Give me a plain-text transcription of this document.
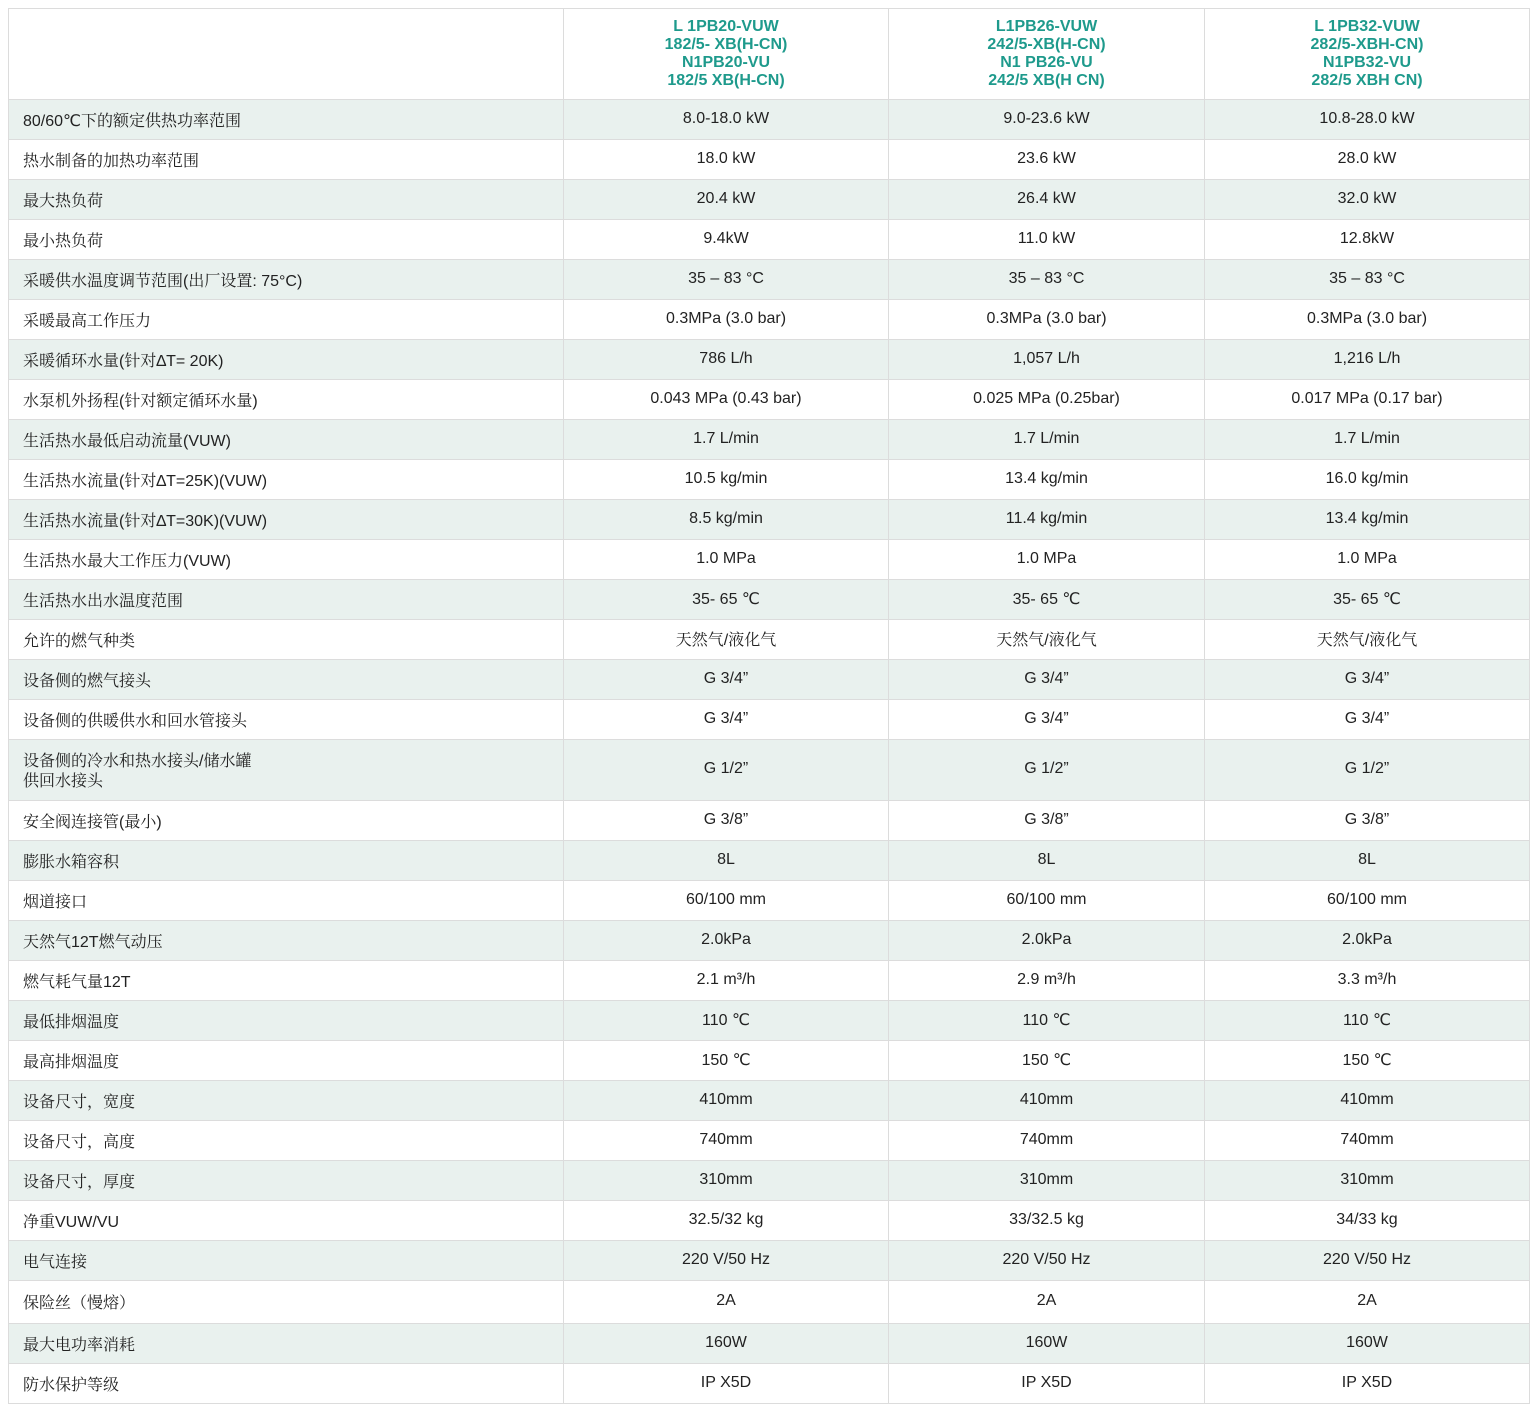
	L 1PB20-VUW
182/5- XB(H-CN)
N1PB20-VU
182/5 XB(H-CN)	L1PB26-VUW
242/5-XB(H-CN)
N1 PB26-VU
242/5 XB(H CN)	L 1PB32-VUW
282/5-XBH-CN)
N1PB32-VU
282/5 XBH CN)

80/60℃下的额定供热功率范围	8.0-18.0 kW	9.0-23.6 kW	10.8-28.0 kW
热水制备的加热功率范围	18.0 kW	23.6 kW	28.0 kW
最大热负荷	20.4 kW	26.4 kW	32.0 kW
最小热负荷	9.4kW	11.0 kW	12.8kW
采暖供水温度调节范围(出厂设置: 75°C)	35 – 83 °C	35 – 83 °C	35 – 83 °C
采暖最高工作压力	0.3MPa (3.0 bar)	0.3MPa (3.0 bar)	0.3MPa (3.0 bar)
采暖循环水量(针对∆T= 20K)	786 L/h	1,057 L/h	1,216 L/h
水泵机外扬程(针对额定循环水量)	0.043 MPa (0.43 bar)	0.025 MPa (0.25bar)	0.017 MPa (0.17 bar)
生活热水最低启动流量(VUW)	1.7 L/min	1.7 L/min	1.7 L/min
生活热水流量(针对∆T=25K)(VUW)	10.5 kg/min	13.4 kg/min	16.0 kg/min
生活热水流量(针对∆T=30K)(VUW)	8.5 kg/min	11.4 kg/min	13.4 kg/min
生活热水最大工作压力(VUW)	1.0 MPa	1.0 MPa	1.0 MPa
生活热水出水温度范围	35- 65 ℃	35- 65 ℃	35- 65 ℃
允许的燃气种类	天然气/液化气	天然气/液化气	天然气/液化气
设备侧的燃气接头	G 3/4”	G 3/4”	G 3/4”
设备侧的供暖供水和回水管接头	G 3/4”	G 3/4”	G 3/4”

设备侧的冷水和热水接头/储水罐
供回水接头	G 1/2”	G 1/2”	G 1/2”
安全阀连接管(最小)	G 3/8”	G 3/8”	G 3/8”
膨胀水箱容积	8L	8L	8L
烟道接口	60/100 mm	60/100 mm	60/100 mm
天然气12T燃气动压	2.0kPa	2.0kPa	2.0kPa
燃气耗气量12T	2.1 m³/h	2.9 m³/h	3.3 m³/h
最低排烟温度	110 ℃	110 ℃	110 ℃
最高排烟温度	150 ℃	150 ℃	150 ℃
设备尺寸，宽度	410mm	410mm	410mm
设备尺寸，高度	740mm	740mm	740mm
设备尺寸，厚度	310mm	310mm	310mm
净重VUW/VU	32.5/32 kg	33/32.5 kg	34/33 kg
电气连接	220 V/50 Hz	220 V/50 Hz	220 V/50 Hz
保险丝（慢熔）	2A	2A	2A
最大电功率消耗	160W	160W	160W
防水保护等级	IP X5D	IP X5D	IP X5D
